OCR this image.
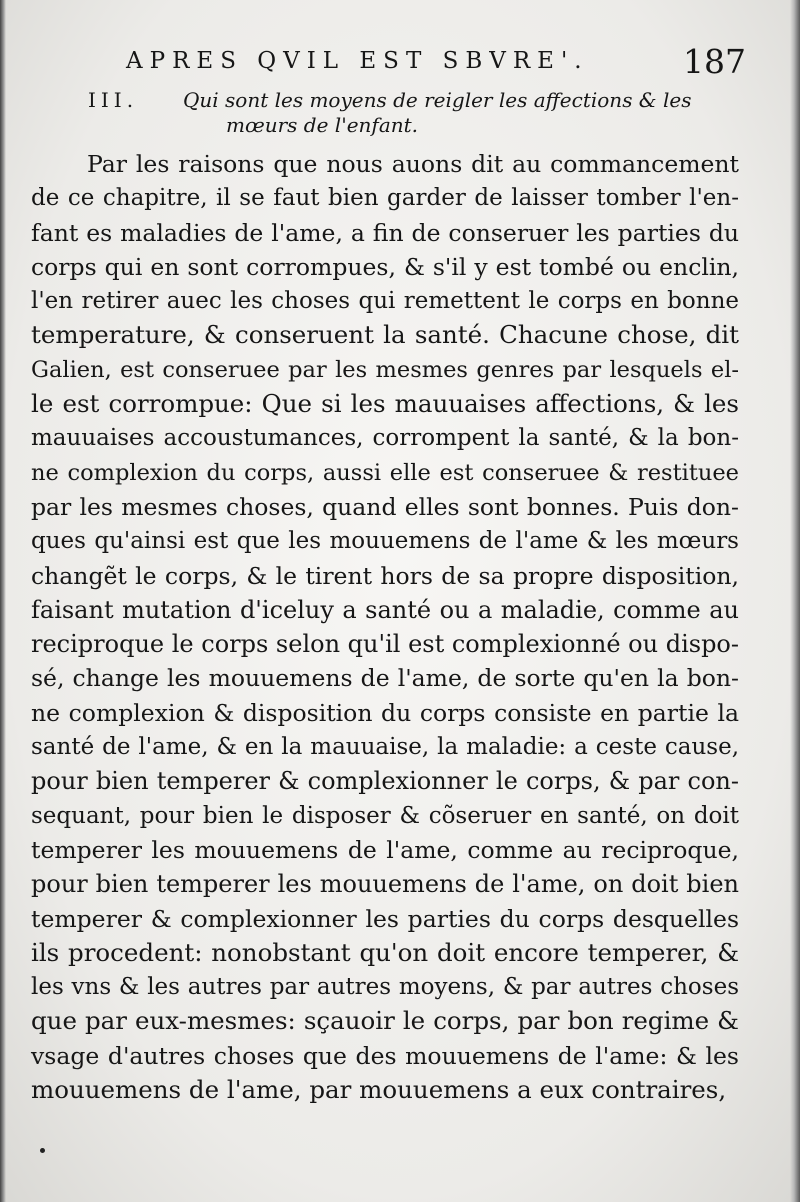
APRES QVIL EST SBVRE'.	187
III. Qui sont les moyens de reigler les affections & les
mœurs de l'enfant.
Par les raisons que nous auons dit au commancement
de ce chapitre, il se faut bien garder de laisser tomber l'en-
fant es maladies de l'ame, a fin de conseruer les parties du
corps qui en sont corrompues, & s'il y est tombé ou enclin,
l'en retirer auec les choses qui remettent le corps en bonne
temperature, & conseruent la santé. Chacune chose, dit
Galien, est conseruee par les mesmes genres par lesquels el-
le est corrompue: Que si les mauuaises affections, & les
mauuaises accoustumances, corrompent la santé, & la bon-
ne complexion du corps, aussi elle est conseruee & restituee
par les mesmes choses, quand elles sont bonnes. Puis don-
ques qu'ainsi est que les mouuemens de l'ame & les mœurs
changẽt le corps, & le tirent hors de sa propre disposition,
faisant mutation d'iceluy a santé ou a maladie, comme au
reciproque le corps selon qu'il est complexionné ou dispo-
sé, change les mouuemens de l'ame, de sorte qu'en la bon-
ne complexion & disposition du corps consiste en partie la
santé de l'ame, & en la mauuaise, la maladie: a ceste cause,
pour bien temperer & complexionner le corps, & par con-
sequant, pour bien le disposer & cõseruer en santé, on doit
temperer les mouuemens de l'ame, comme au reciproque,
pour bien temperer les mouuemens de l'ame, on doit bien
temperer & complexionner les parties du corps desquelles
ils procedent: nonobstant qu'on doit encore temperer, &
les vns & les autres par autres moyens, & par autres choses
que par eux-mesmes: sçauoir le corps, par bon regime &
vsage d'autres choses que des mouuemens de l'ame: & les
mouuemens de l'ame, par mouuemens a eux contraires,
